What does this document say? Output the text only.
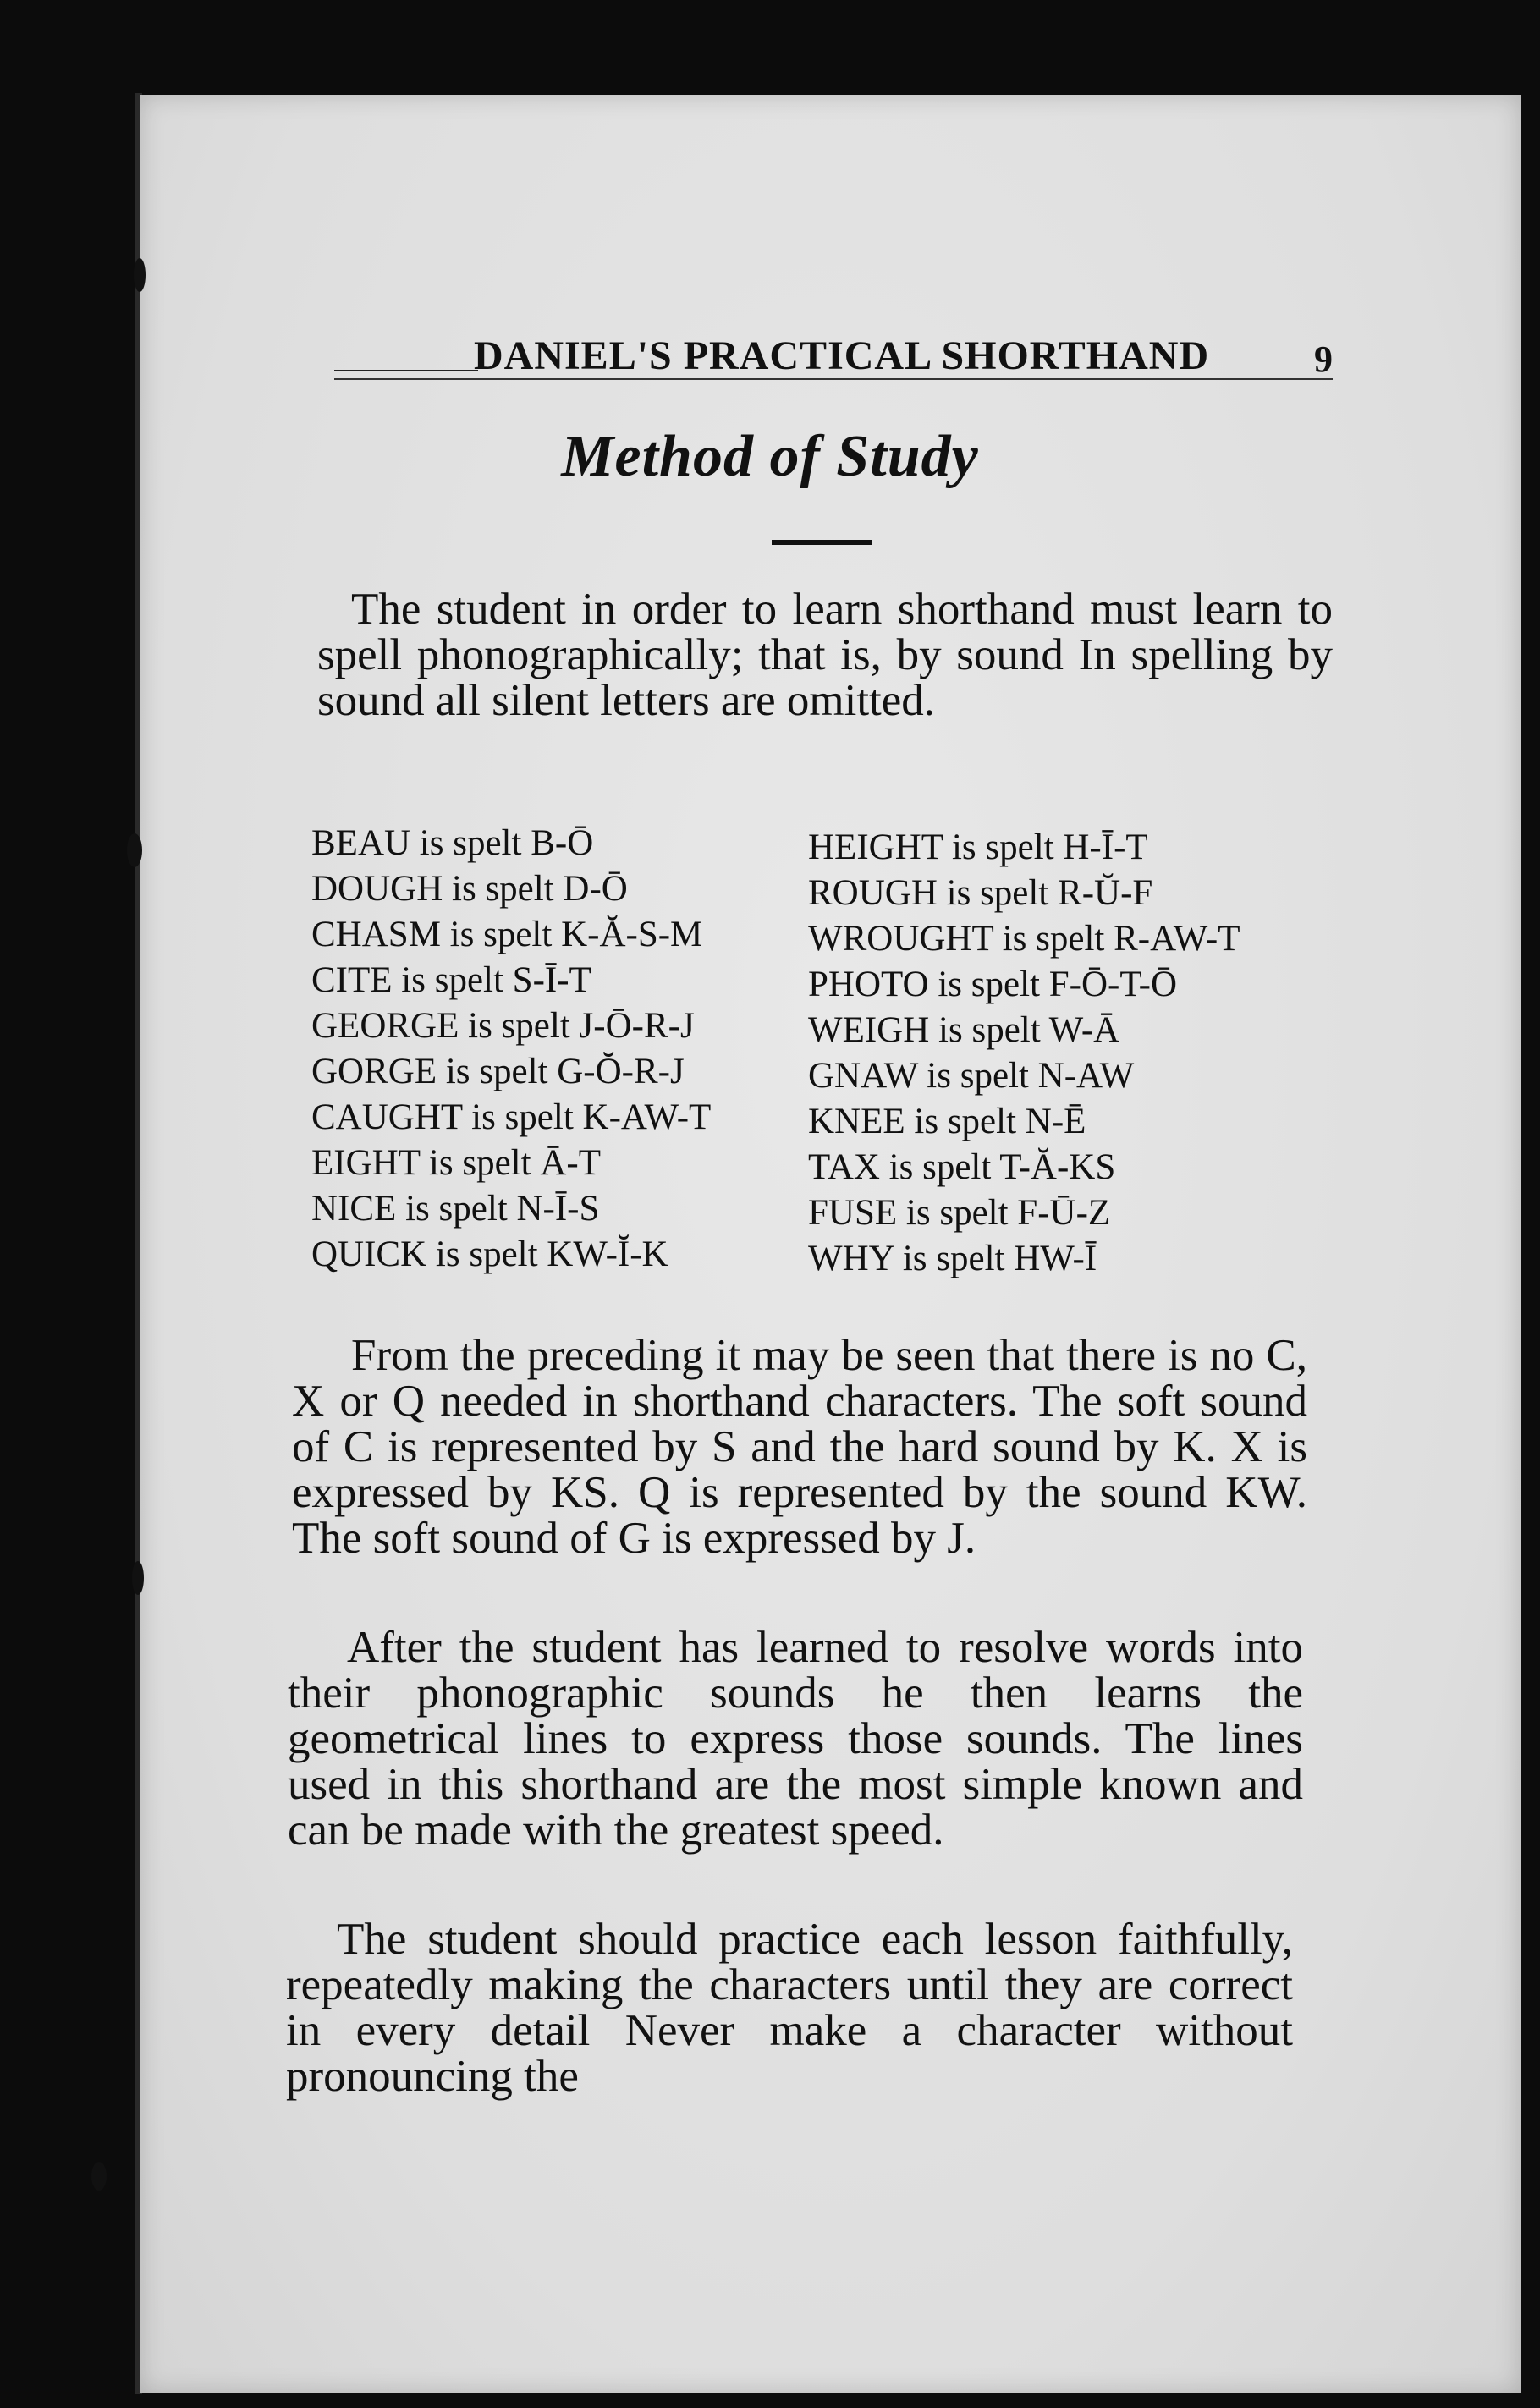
DANIEL'S PRACTICAL SHORTHAND	9
Method of Study

The student in order to learn shorthand must learn to spell phonographically; that is, by sound In spelling by sound all silent letters are omitted.

BEAU is spelt B-Ō
DOUGH is spelt D-Ō
CHASM is spelt K-Ă-S-M
CITE is spelt S-Ī-T
GEORGE is spelt J-Ō-R-J
GORGE is spelt G-Ŏ-R-J
CAUGHT is spelt K-AW-T
EIGHT is spelt Ā-T
NICE is spelt N-Ī-S
QUICK is spelt KW-Ĭ-K
HEIGHT is spelt H-Ī-T
ROUGH is spelt R-Ŭ-F
WROUGHT is spelt R-AW-T
PHOTO is spelt F-Ō-T-Ō
WEIGH is spelt W-Ā
GNAW is spelt N-AW
KNEE is spelt N-Ē
TAX is spelt T-Ă-KS
FUSE is spelt F-Ū-Z
WHY is spelt HW-Ī

From the preceding it may be seen that there is no C, X or Q needed in shorthand characters. The soft sound of C is represented by S and the hard sound by K. X is expressed by KS. Q is represented by the sound KW. The soft sound of G is expressed by J.

After the student has learned to resolve words into their phonographic sounds he then learns the geometrical lines to express those sounds. The lines used in this shorthand are the most simple known and can be made with the greatest speed.

The student should practice each lesson faithfully, repeatedly making the characters until they are correct in every detail Never make a character without pronouncing the
